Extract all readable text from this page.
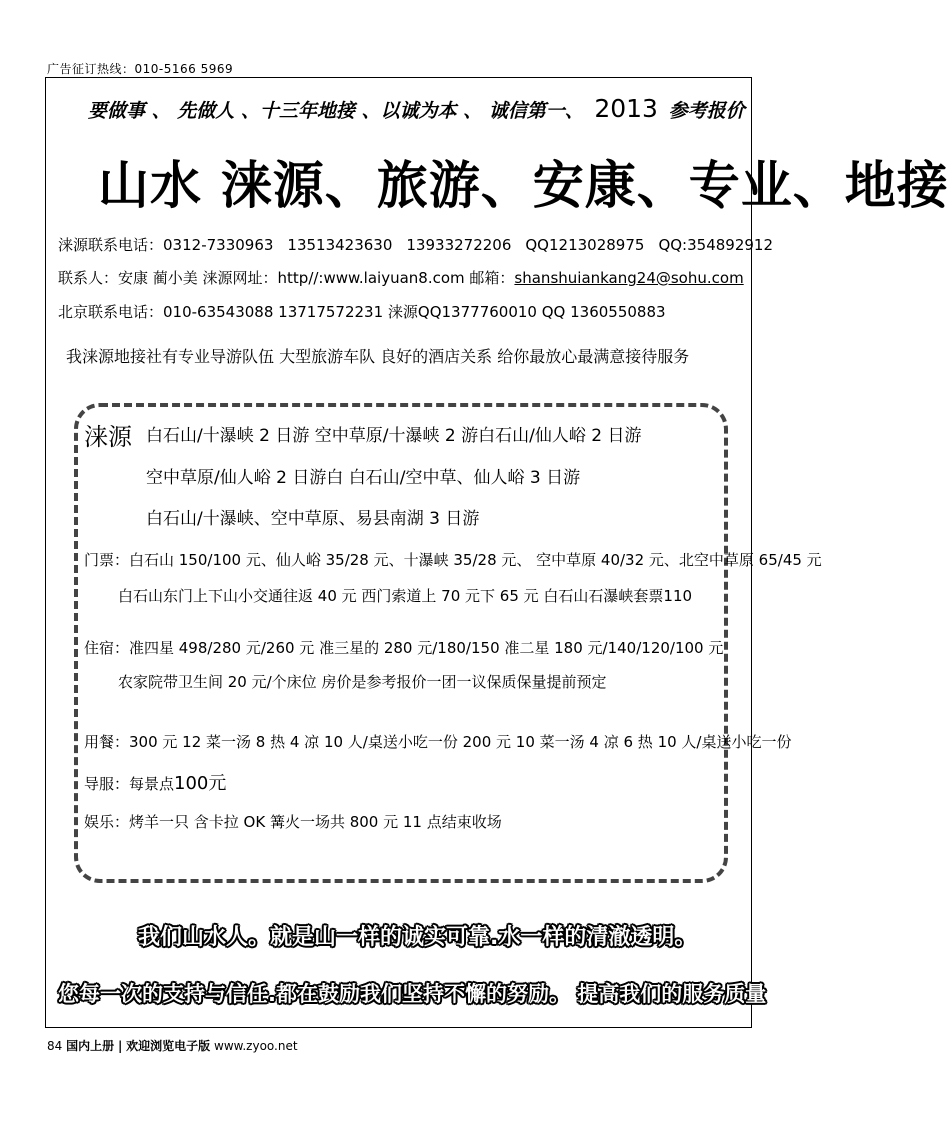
广告征订热线：010-5166 5969
要做事 、 先做人 、十三年地接 、以诚为本 、 诚信第一、 2013 参考报价
山水 涞源、旅游、安康、专业、地接
涞源联系电话：0312-7330963 13513423630 13933272206 QQ1213028975 QQ:354892912
联系人：安康 蔺小美 涞源网址：http//:www.laiyuan8.com 邮箱：shanshuiankang24@sohu.com
北京联系电话：010-63543088 13717572231 涞源QQ1377760010 QQ 1360550883
我涞源地接社有专业导游队伍 大型旅游车队 良好的酒店关系 给你最放心最满意接待服务
涞源 白石山/十瀑峡 2 日游 空中草原/十瀑峡 2 游白石山/仙人峪 2 日游
空中草原/仙人峪 2 日游白 白石山/空中草、仙人峪 3 日游
白石山/十瀑峡、空中草原、易县南湖 3 日游
门票：白石山 150/100 元、仙人峪 35/28 元、十瀑峡 35/28 元、 空中草原 40/32 元、北空中草原 65/45 元
白石山东门上下山小交通往返 40 元 西门索道上 70 元下 65 元 白石山石瀑峡套票110
住宿：准四星 498/280 元/260 元 准三星的 280 元/180/150 准二星 180 元/140/120/100 元
农家院带卫生间 20 元/个床位 房价是参考报价一团一议保质保量提前预定
用餐：300 元 12 菜一汤 8 热 4 凉 10 人/桌送小吃一份 200 元 10 菜一汤 4 凉 6 热 10 人/桌送小吃一份
导服：每景点100元
娱乐：烤羊一只 含卡拉 OK 篝火一场共 800 元 11 点结束收场
我们山水人。就是山一样的诚实可靠.水一样的清澈透明。
您每一次的支持与信任.都在鼓励我们坚持不懈的努励。 提高我们的服务质量
84 国内上册 | 欢迎浏览电子版 www.zyoo.net
